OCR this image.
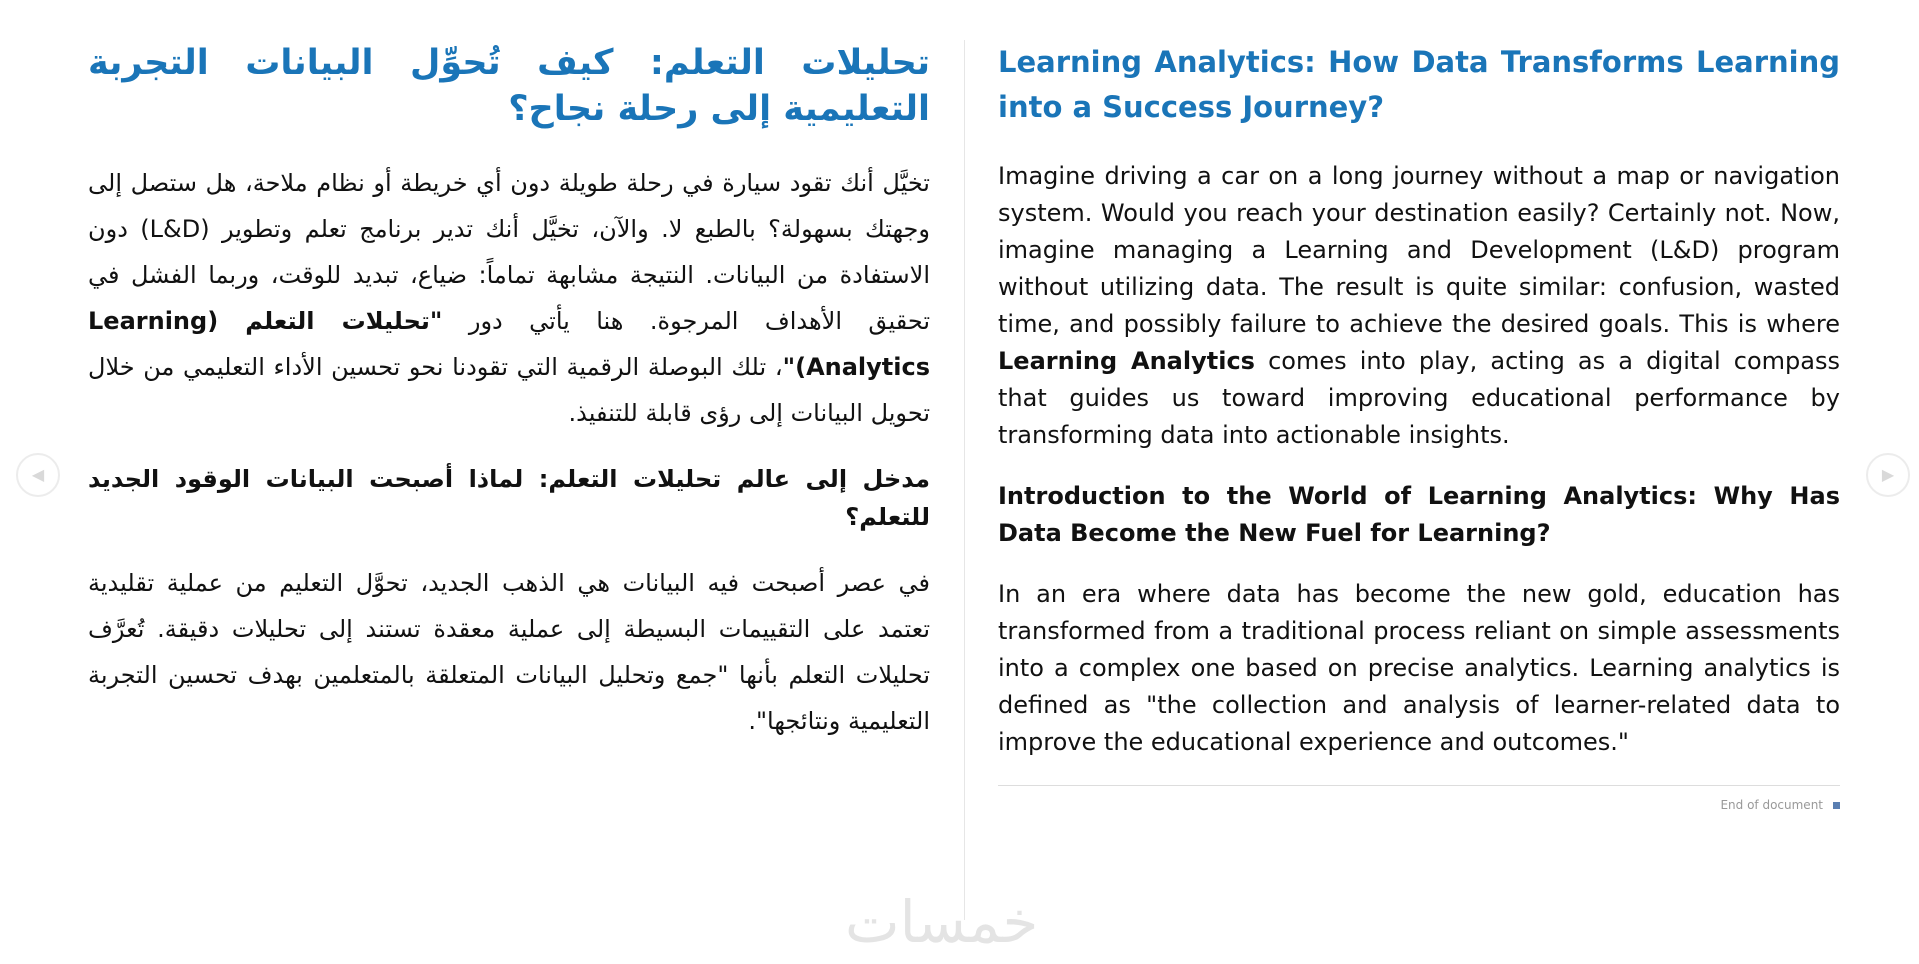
تحليلات التعلم: كيف تُحوِّل البيانات التجربة التعليمية إلى رحلة نجاح؟

تخيَّل أنك تقود سيارة في رحلة طويلة دون أي خريطة أو نظام ملاحة، هل ستصل إلى وجهتك بسهولة؟ بالطبع لا. والآن، تخيَّل أنك تدير برنامج تعلم وتطوير (L&D) دون الاستفادة من البيانات. النتيجة مشابهة تماماً: ضياع، تبديد للوقت، وربما الفشل في تحقيق الأهداف المرجوة. هنا يأتي دور "تحليلات التعلم (Learning Analytics)"، تلك البوصلة الرقمية التي تقودنا نحو تحسين الأداء التعليمي من خلال تحويل البيانات إلى رؤى قابلة للتنفيذ.

مدخل إلى عالم تحليلات التعلم: لماذا أصبحت البيانات الوقود الجديد للتعلم؟

في عصر أصبحت فيه البيانات هي الذهب الجديد، تحوَّل التعليم من عملية تقليدية تعتمد على التقييمات البسيطة إلى عملية معقدة تستند إلى تحليلات دقيقة. تُعرَّف تحليلات التعلم بأنها "جمع وتحليل البيانات المتعلقة بالمتعلمين بهدف تحسين التجربة التعليمية ونتائجها".

Learning Analytics: How Data Transforms Learning into a Success Journey?

Imagine driving a car on a long journey without a map or navigation system. Would you reach your destination easily? Certainly not. Now, imagine managing a Learning and Development (L&D) program without utilizing data. The result is quite similar: confusion, wasted time, and possibly failure to achieve the desired goals. This is where Learning Analytics comes into play, acting as a digital compass that guides us toward improving educational performance by transforming data into actionable insights.

Introduction to the World of Learning Analytics: Why Has Data Become the New Fuel for Learning?

In an era where data has become the new gold, education has transformed from a traditional process reliant on simple assessments into a complex one based on precise analytics. Learning analytics is defined as "the collection and analysis of learner-related data to improve the educational experience and outcomes."

End of document
◀	▶
خمسات
